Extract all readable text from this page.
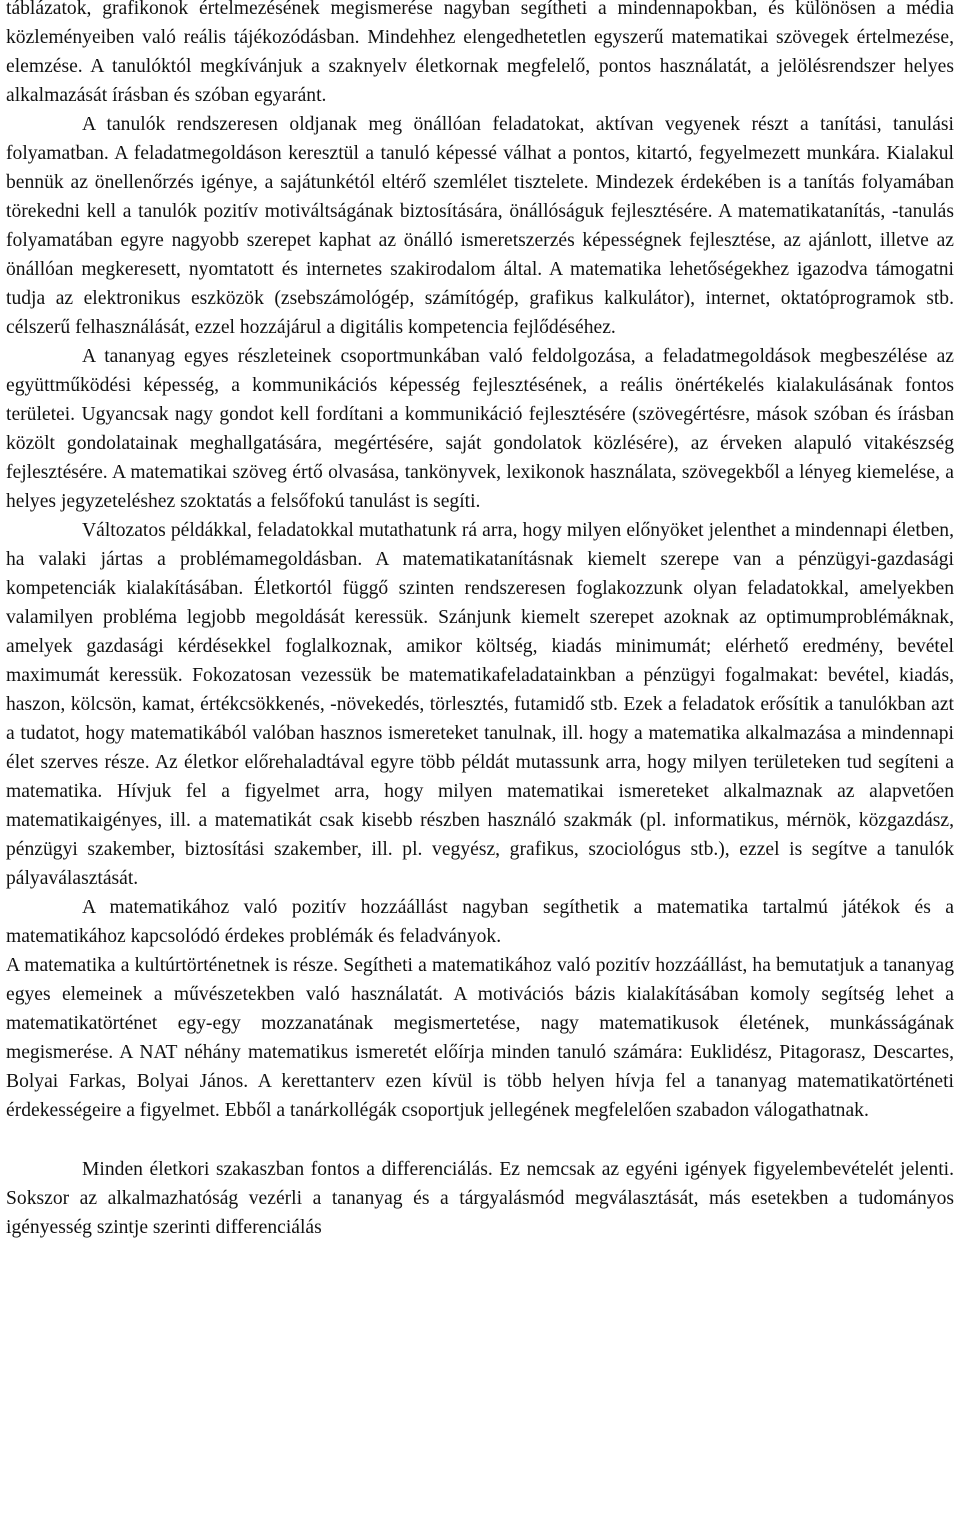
táblázatok, grafikonok értelmezésének megismerése nagyban segítheti a mindennapokban, és különösen a média közleményeiben való reális tájékozódásban. Mindehhez elengedhetetlen egyszerű matematikai szövegek értelmezése, elemzése. A tanulóktól megkívánjuk a szaknyelv életkornak megfelelő, pontos használatát, a jelölésrendszer helyes alkalmazását írásban és szóban egyaránt.

A tanulók rendszeresen oldjanak meg önállóan feladatokat, aktívan vegyenek részt a tanítási, tanulási folyamatban. A feladatmegoldáson keresztül a tanuló képessé válhat a pontos, kitartó, fegyelmezett munkára. Kialakul bennük az önellenőrzés igénye, a sajátunkétól eltérő szemlélet tisztelete. Mindezek érdekében is a tanítás folyamában törekedni kell a tanulók pozitív motiváltságának biztosítására, önállóságuk fejlesztésére. A matematikatanítás, -tanulás folyamatában egyre nagyobb szerepet kaphat az önálló ismeretszerzés képességnek fejlesztése, az ajánlott, illetve az önállóan megkeresett, nyomtatott és internetes szakirodalom által. A matematika lehetőségekhez igazodva támogatni tudja az elektronikus eszközök (zsebszámológép, számítógép, grafikus kalkulátor), internet, oktatóprogramok stb. célszerű felhasználását, ezzel hozzájárul a digitális kompetencia fejlődéséhez.

A tananyag egyes részleteinek csoportmunkában való feldolgozása, a feladatmegoldások megbeszélése az együttműködési képesség, a kommunikációs képesség fejlesztésének, a reális önértékelés kialakulásának fontos területei. Ugyancsak nagy gondot kell fordítani a kommunikáció fejlesztésére (szövegértésre, mások szóban és írásban közölt gondolatainak meghallgatására, megértésére, saját gondolatok közlésére), az érveken alapuló vitakészség fejlesztésére. A matematikai szöveg értő olvasása, tankönyvek, lexikonok használata, szövegekből a lényeg kiemelése, a helyes jegyzeteléshez szoktatás a felsőfokú tanulást is segíti.

Változatos példákkal, feladatokkal mutathatunk rá arra, hogy milyen előnyöket jelenthet a mindennapi életben, ha valaki jártas a problémamegoldásban. A matematikatanításnak kiemelt szerepe van a pénzügyi-gazdasági kompetenciák kialakításában. Életkortól függő szinten rendszeresen foglakozzunk olyan feladatokkal, amelyekben valamilyen probléma legjobb megoldását keressük. Szánjunk kiemelt szerepet azoknak az optimumproblémáknak, amelyek gazdasági kérdésekkel foglalkoznak, amikor költség, kiadás minimumát; elérhető eredmény, bevétel maximumát keressük. Fokozatosan vezessük be matematikafeladatainkban a pénzügyi fogalmakat: bevétel, kiadás, haszon, kölcsön, kamat, értékcsökkenés, -növekedés, törlesztés, futamidő stb. Ezek a feladatok erősítik a tanulókban azt a tudatot, hogy matematikából valóban hasznos ismereteket tanulnak, ill. hogy a matematika alkalmazása a mindennapi élet szerves része. Az életkor előrehaladtával egyre több példát mutassunk arra, hogy milyen területeken tud segíteni a matematika. Hívjuk fel a figyelmet arra, hogy milyen matematikai ismereteket alkalmaznak az alapvetően matematikaigényes, ill. a matematikát csak kisebb részben használó szakmák (pl. informatikus, mérnök, közgazdász, pénzügyi szakember, biztosítási szakember, ill. pl. vegyész, grafikus, szociológus stb.), ezzel is segítve a tanulók pályaválasztását.

A matematikához való pozitív hozzáállást nagyban segíthetik a matematika tartalmú játékok és a matematikához kapcsolódó érdekes problémák és feladványok.

A matematika a kultúrtörténetnek is része. Segítheti a matematikához való pozitív hozzáállást, ha bemutatjuk a tananyag egyes elemeinek a művészetekben való használatát. A motivációs bázis kialakításában komoly segítség lehet a matematikatörténet egy-egy mozzanatának megismertetése, nagy matematikusok életének, munkásságának megismerése. A NAT néhány matematikus ismeretét előírja minden tanuló számára: Euklidész, Pitagorasz, Descartes, Bolyai Farkas, Bolyai János. A kerettanterv ezen kívül is több helyen hívja fel a tananyag matematikatörténeti érdekességeire a figyelmet. Ebből a tanárkollégák csoportjuk jellegének megfelelően szabadon válogathatnak.

Minden életkori szakaszban fontos a differenciálás. Ez nemcsak az egyéni igények figyelembevételét jelenti. Sokszor az alkalmazhatóság vezérli a tananyag és a tárgyalásmód megválasztását, más esetekben a tudományos igényesség szintje szerinti differenciálás
